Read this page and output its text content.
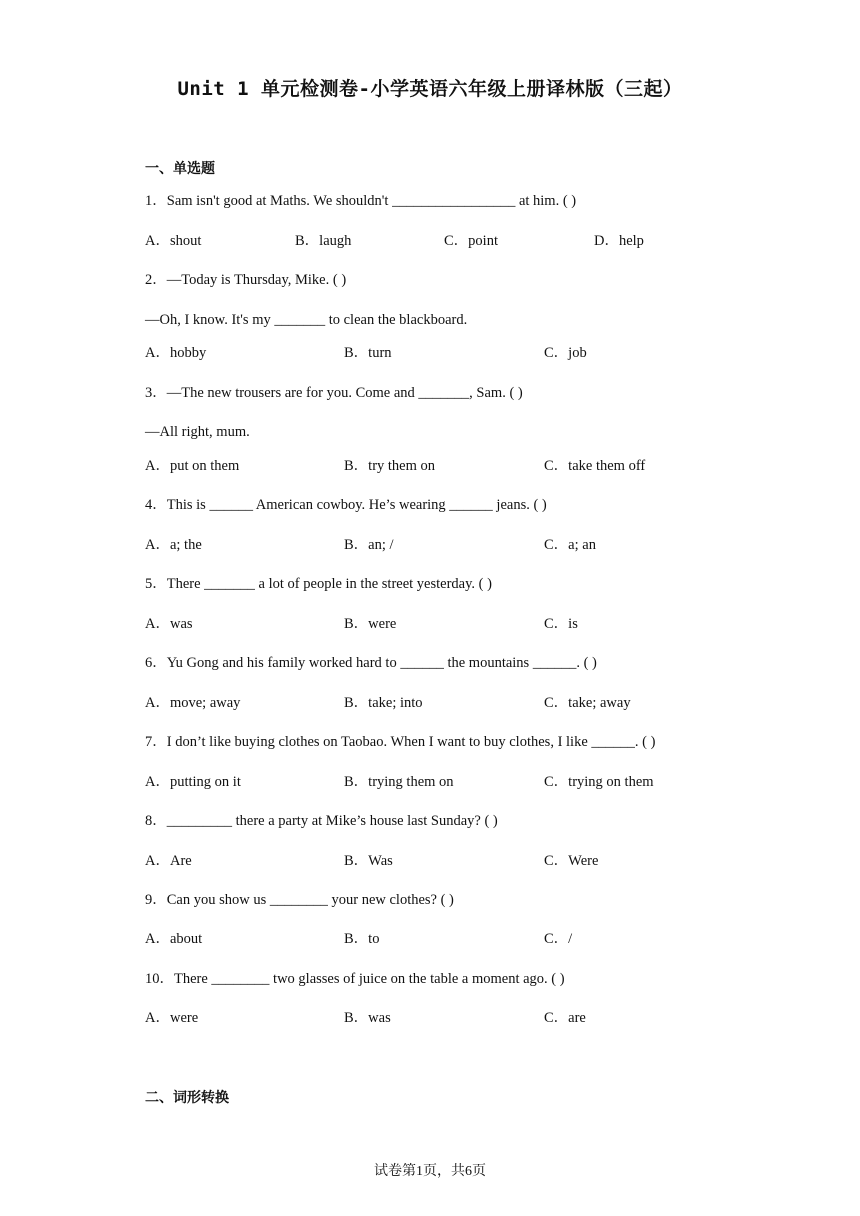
Unit 1 单元检测卷-小学英语六年级上册译林版（三起）
一、单选题
1．Sam isn't good at Maths. We shouldn't _________________ at him. ( )
A．shout	B．laugh	C．point	D．help
2．—Today is Thursday, Mike. ( )
—Oh, I know. It's my _______ to clean the blackboard.
A．hobby	B．turn	C．job
3．—The new trousers are for you. Come and _______, Sam. ( )
—All right, mum.
A．put on them	B．try them on	C．take them off
4．This is ______ American cowboy. He’s wearing ______ jeans. ( )
A．a; the	B．an; /	C．a; an
5．There _______ a lot of people in the street yesterday. ( )
A．was	B．were	C．is
6．Yu Gong and his family worked hard to ______ the mountains ______. ( )
A．move; away	B．take; into	C．take; away
7．I don’t like buying clothes on Taobao. When I want to buy clothes, I like ______. ( )
A．putting on it	B．trying them on	C．trying on them
8．_________ there a party at Mike’s house last Sunday? ( )
A．Are	B．Was	C．Were
9．Can you show us ________ your new clothes? ( )
A．about	B．to	C．/
10．There ________ two glasses of juice on the table a moment ago. ( )
A．were	B．was	C．are
二、词形转换
试卷第1页，共6页
